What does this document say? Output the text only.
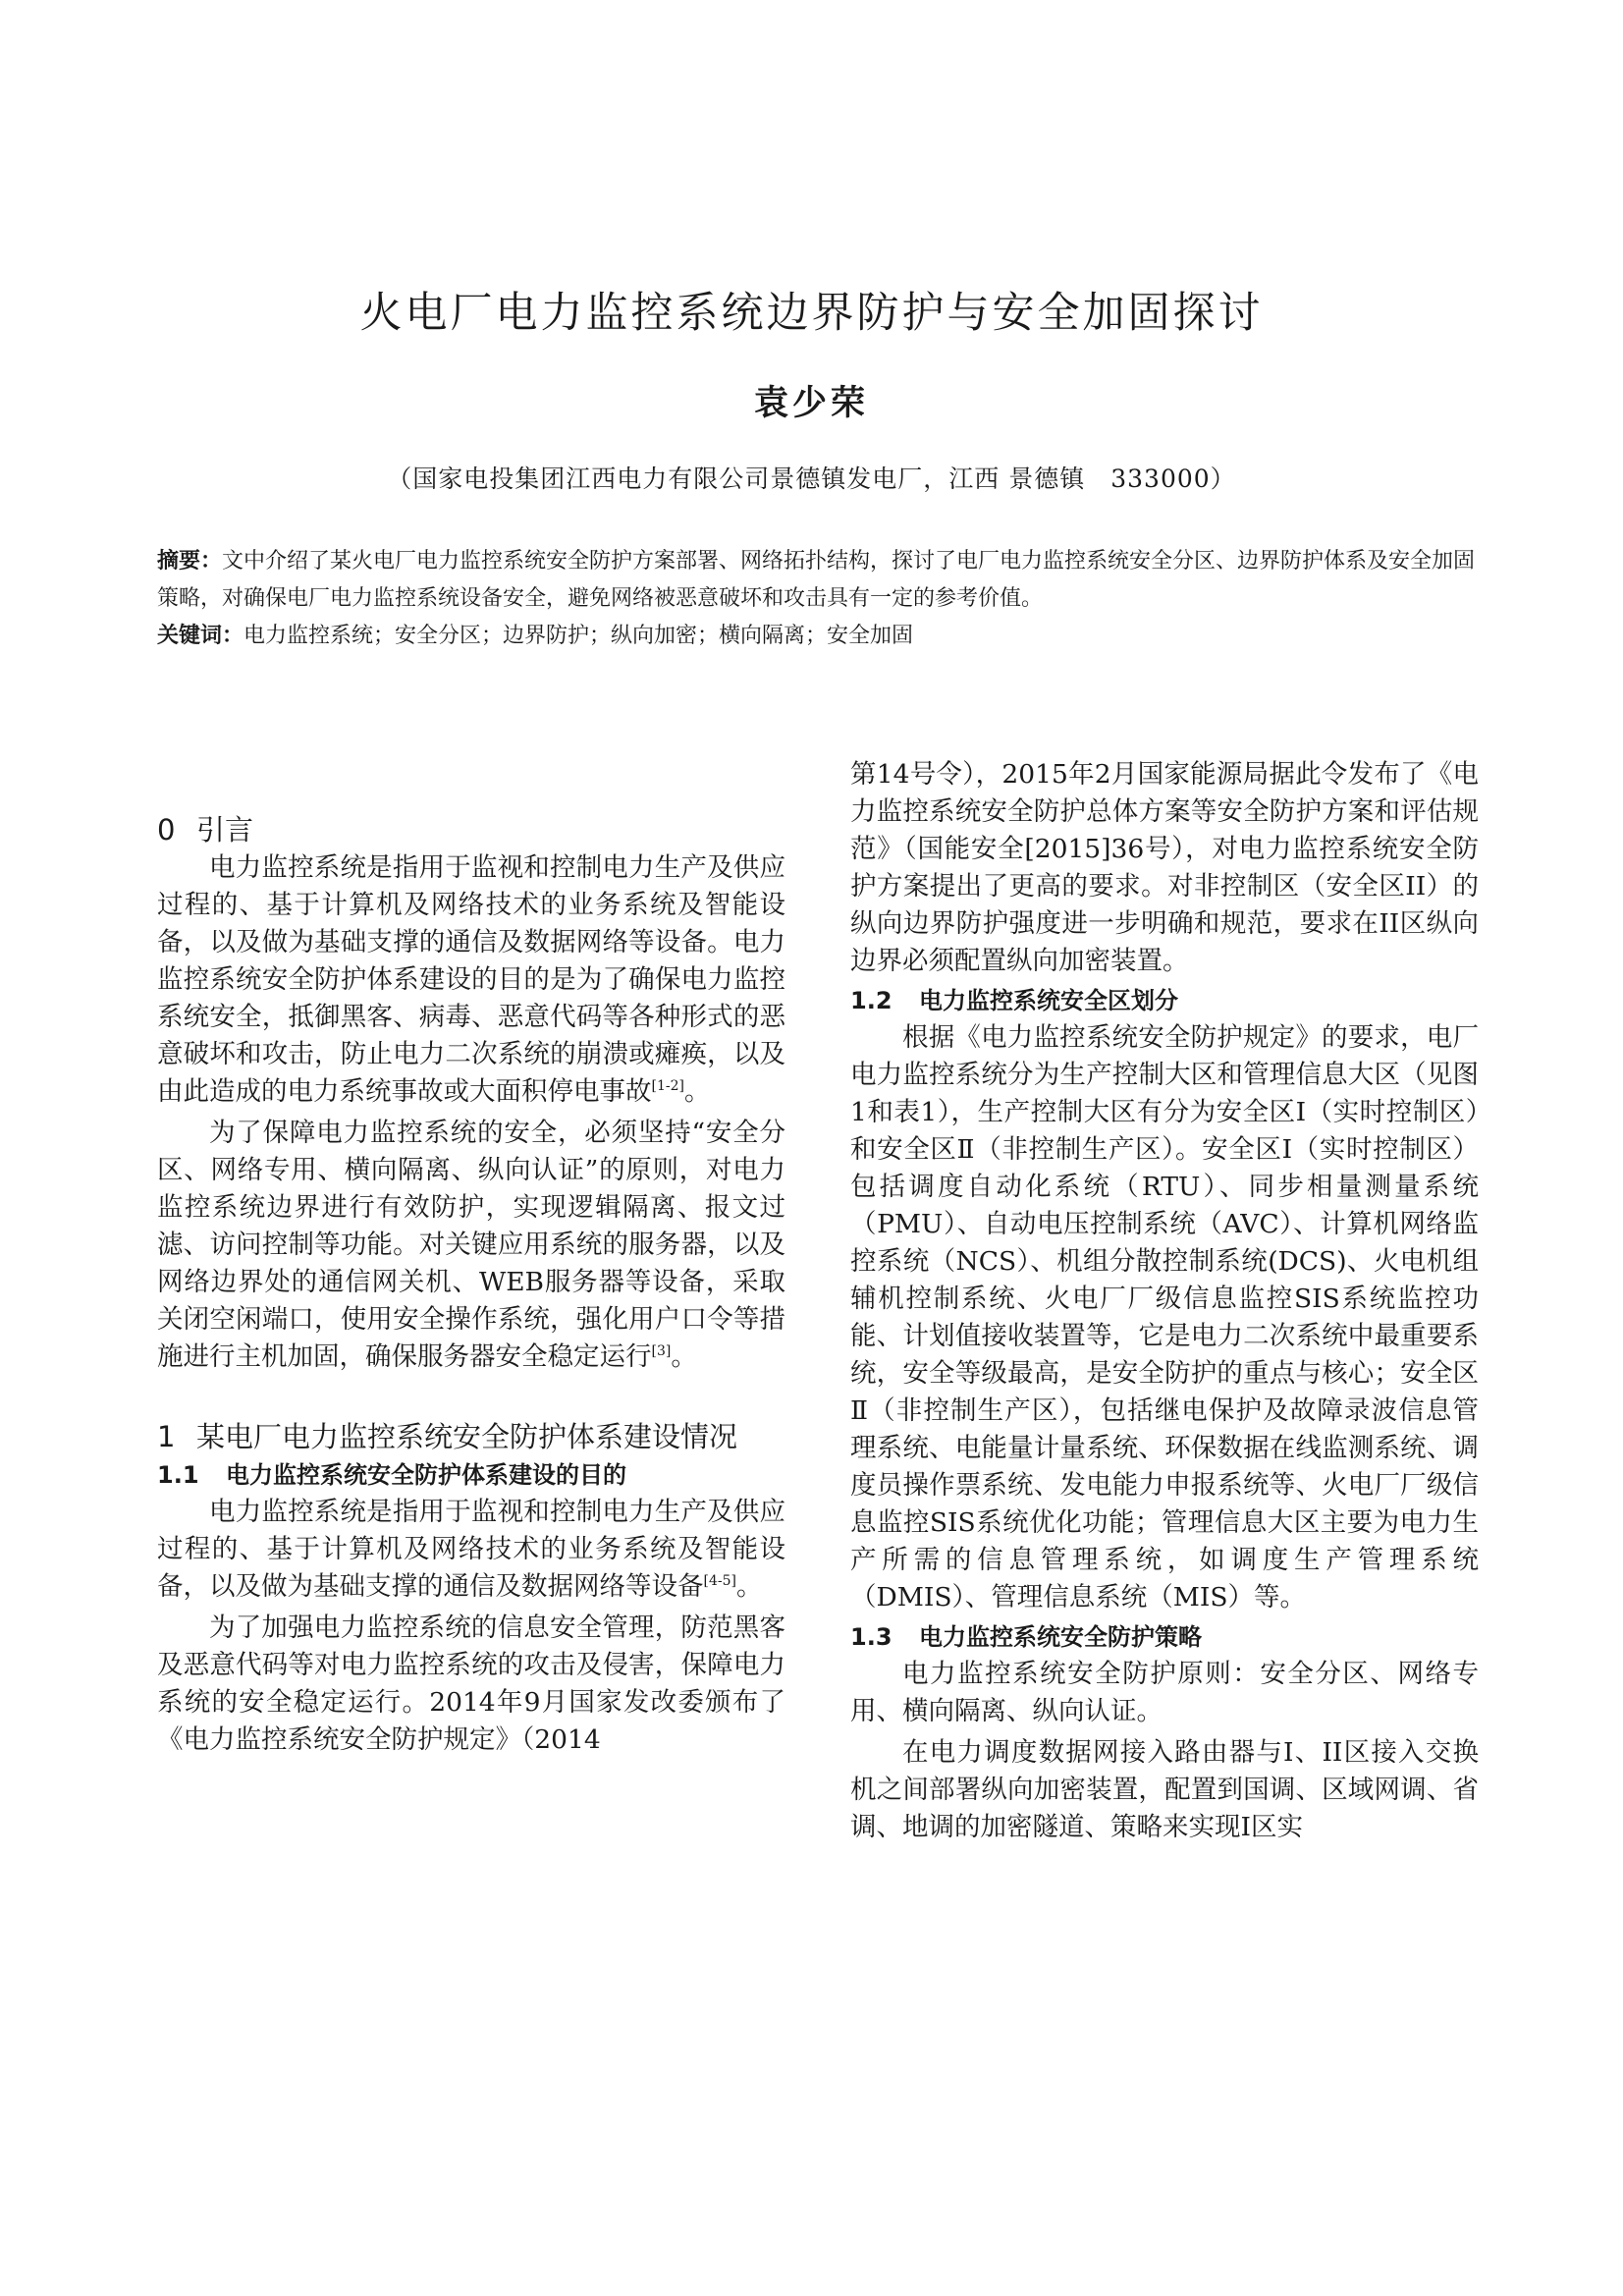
火电厂电力监控系统边界防护与安全加固探讨
袁少荣
（国家电投集团江西电力有限公司景德镇发电厂，江西 景德镇　333000）

摘要：文中介绍了某火电厂电力监控系统安全防护方案部署、网络拓扑结构，探讨了电厂电力监控系统安全分区、边界防护体系及安全加固策略，对确保电厂电力监控系统设备安全，避免网络被恶意破坏和攻击具有一定的参考价值。

关键词：电力监控系统；安全分区；边界防护；纵向加密；横向隔离；安全加固

0 引言

电力监控系统是指用于监视和控制电力生产及供应过程的、基于计算机及网络技术的业务系统及智能设备，以及做为基础支撑的通信及数据网络等设备。电力监控系统安全防护体系建设的目的是为了确保电力监控系统安全，抵御黑客、病毒、恶意代码等各种形式的恶意破坏和攻击，防止电力二次系统的崩溃或瘫痪，以及由此造成的电力系统事故或大面积停电事故[1-2]。

为了保障电力监控系统的安全，必须坚持“安全分区、网络专用、横向隔离、纵向认证”的原则，对电力监控系统边界进行有效防护，实现逻辑隔离、报文过滤、访问控制等功能。对关键应用系统的服务器，以及网络边界处的通信网关机、WEB服务器等设备，采取关闭空闲端口，使用安全操作系统，强化用户口令等措施进行主机加固，确保服务器安全稳定运行[3]。

1 某电厂电力监控系统安全防护体系建设情况
1.1 电力监控系统安全防护体系建设的目的

电力监控系统是指用于监视和控制电力生产及供应过程的、基于计算机及网络技术的业务系统及智能设备，以及做为基础支撑的通信及数据网络等设备[4-5]。

为了加强电力监控系统的信息安全管理，防范黑客及恶意代码等对电力监控系统的攻击及侵害，保障电力系统的安全稳定运行。2014年9月国家发改委颁布了《电力监控系统安全防护规定》（2014

第14号令），2015年2月国家能源局据此令发布了《电力监控系统安全防护总体方案等安全防护方案和评估规范》（国能安全[2015]36号），对电力监控系统安全防护方案提出了更高的要求。对非控制区（安全区II）的纵向边界防护强度进一步明确和规范，要求在II区纵向边界必须配置纵向加密装置。

1.2 电力监控系统安全区划分

根据《电力监控系统安全防护规定》的要求，电厂电力监控系统分为生产控制大区和管理信息大区（见图1和表1），生产控制大区有分为安全区Ⅰ（实时控制区）和安全区Ⅱ（非控制生产区）。安全区Ⅰ（实时控制区）包括调度自动化系统（RTU）、同步相量测量系统（PMU）、自动电压控制系统（AVC）、计算机网络监控系统（NCS）、机组分散控制系统(DCS)、火电机组辅机控制系统、火电厂厂级信息监控SIS系统监控功能、计划值接收装置等，它是电力二次系统中最重要系统，安全等级最高，是安全防护的重点与核心；安全区Ⅱ（非控制生产区），包括继电保护及故障录波信息管理系统、电能量计量系统、环保数据在线监测系统、调度员操作票系统、发电能力申报系统等、火电厂厂级信息监控SIS系统优化功能；管理信息大区主要为电力生产所需的信息管理系统，如调度生产管理系统（DMIS）、管理信息系统（MIS）等。

1.3 电力监控系统安全防护策略

电力监控系统安全防护原则：安全分区、网络专用、横向隔离、纵向认证。

在电力调度数据网接入路由器与I、II区接入交换机之间部署纵向加密装置，配置到国调、区域网调、省调、地调的加密隧道、策略来实现I区实
